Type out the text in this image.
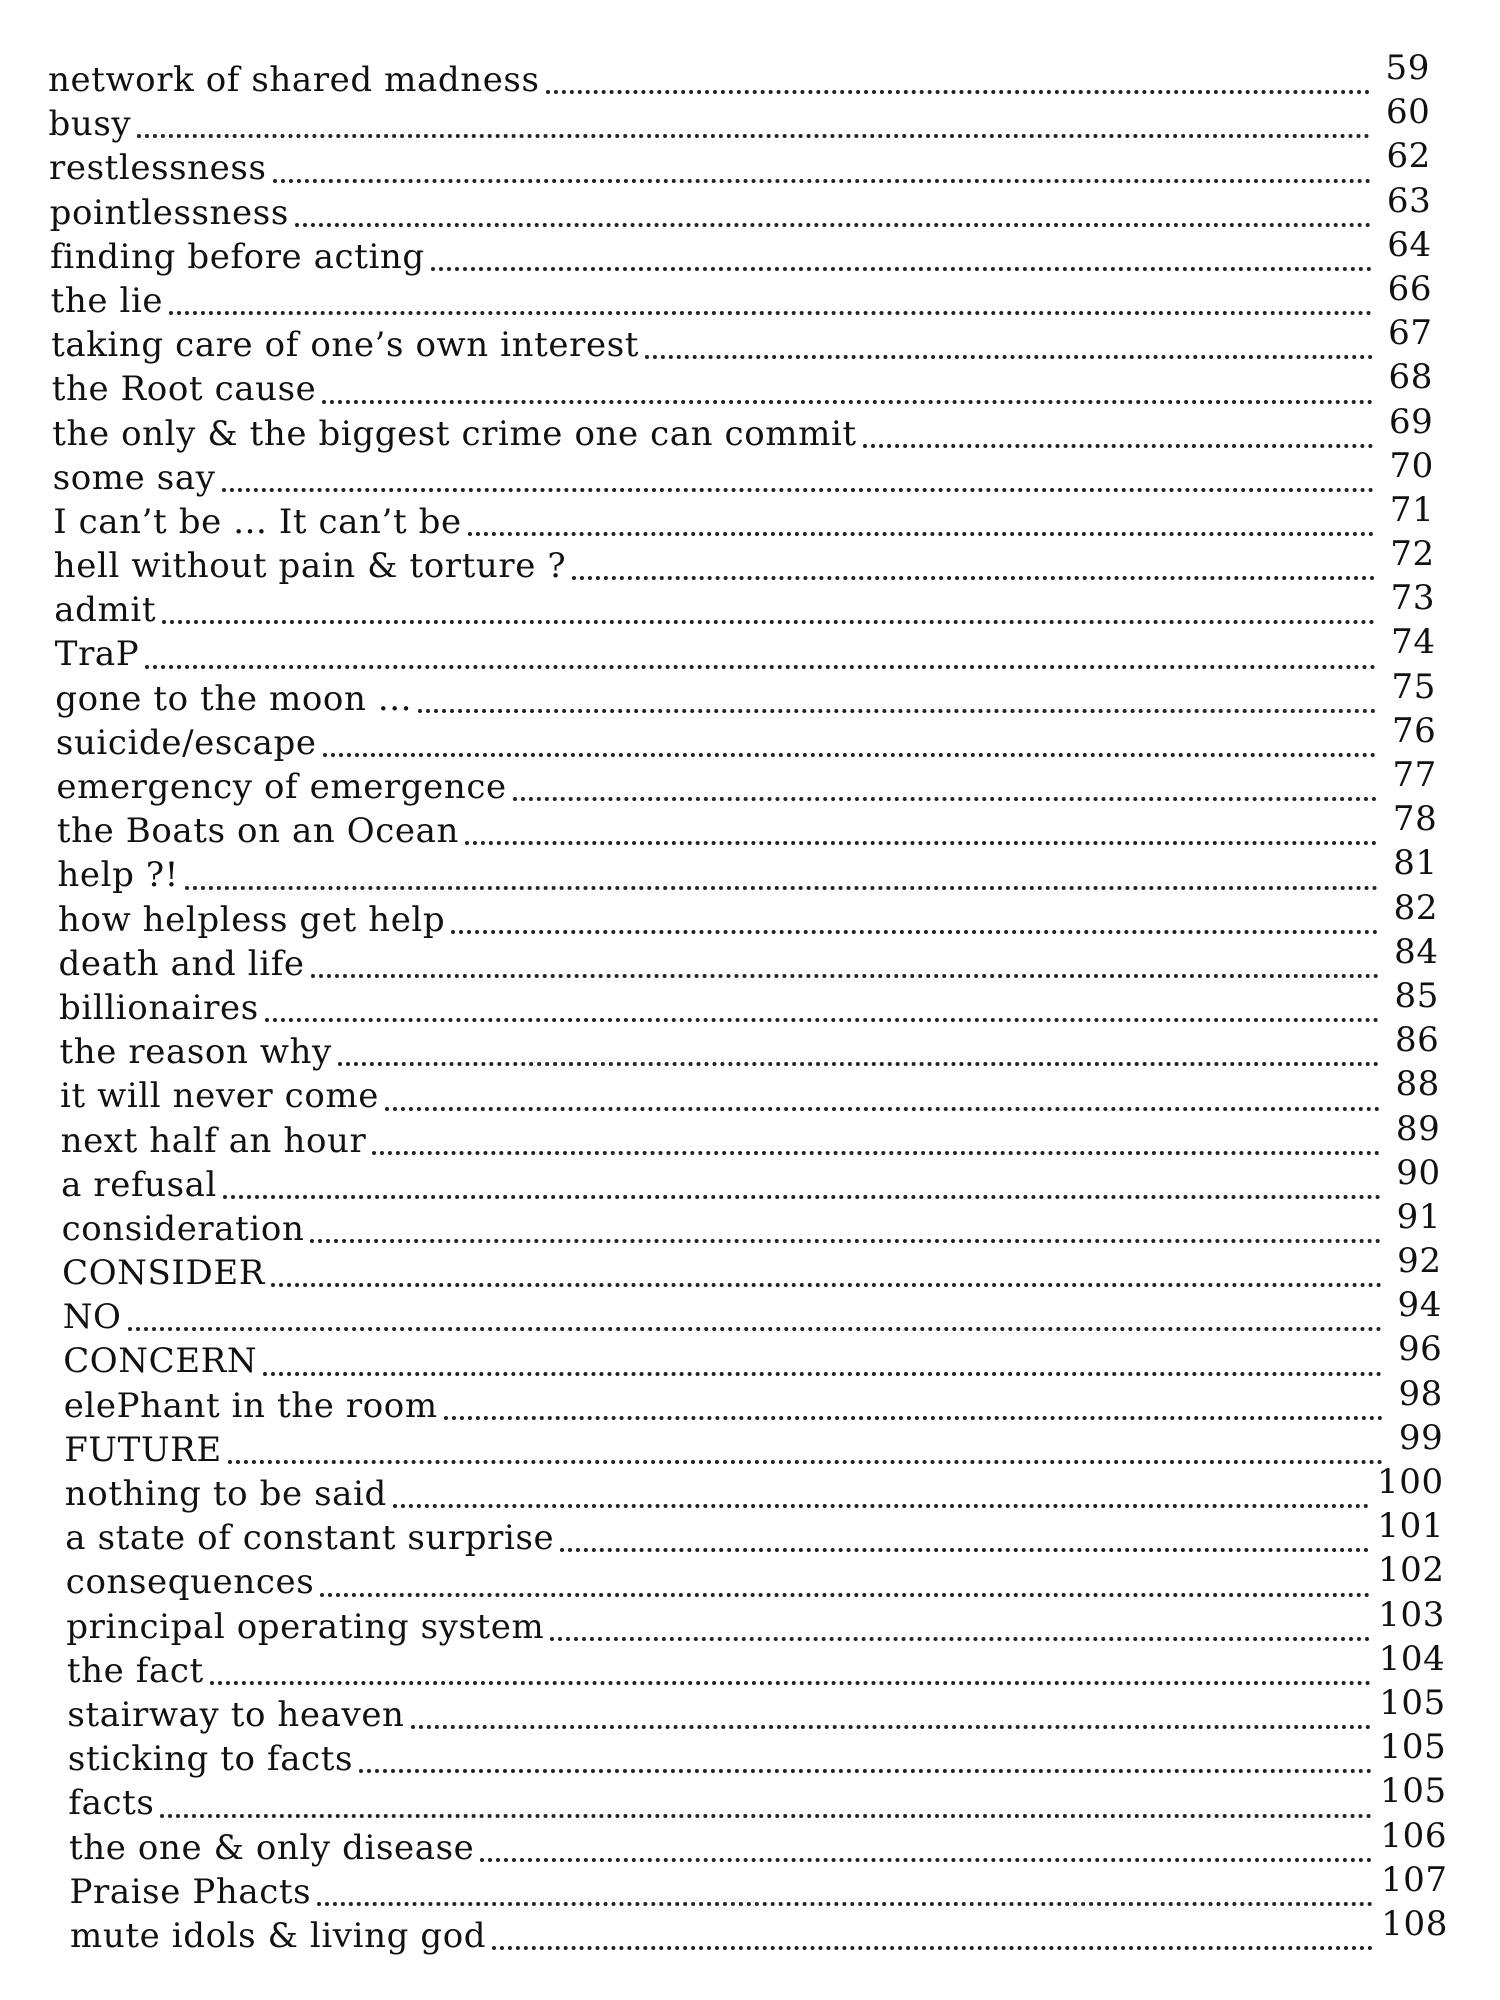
network of shared madness	59
busy	60
restlessness	62
pointlessness	63
finding before acting	64
the lie	66
taking care of one’s own interest	67
the Root cause	68
the only & the biggest crime one can commit	69
some say	70
I can’t be ... It can’t be	71
hell without pain & torture ?	72
admit	73
TraP	74
gone to the moon ...	75
suicide/escape	76
emergency of emergence	77
the Boats on an Ocean	78
help ?!	81
how helpless get help	82
death and life	84
billionaires	85
the reason why	86
it will never come	88
next half an hour	89
a refusal	90
consideration	91
CONSIDER	92
NO	94
CONCERN	96
elePhant in the room	98
FUTURE	99
nothing to be said	100
a state of constant surprise	101
consequences	102
principal operating system	103
the fact	104
stairway to heaven	105
sticking to facts	105
facts	105
the one & only disease	106
Praise Phacts	107
mute idols & living god	108
